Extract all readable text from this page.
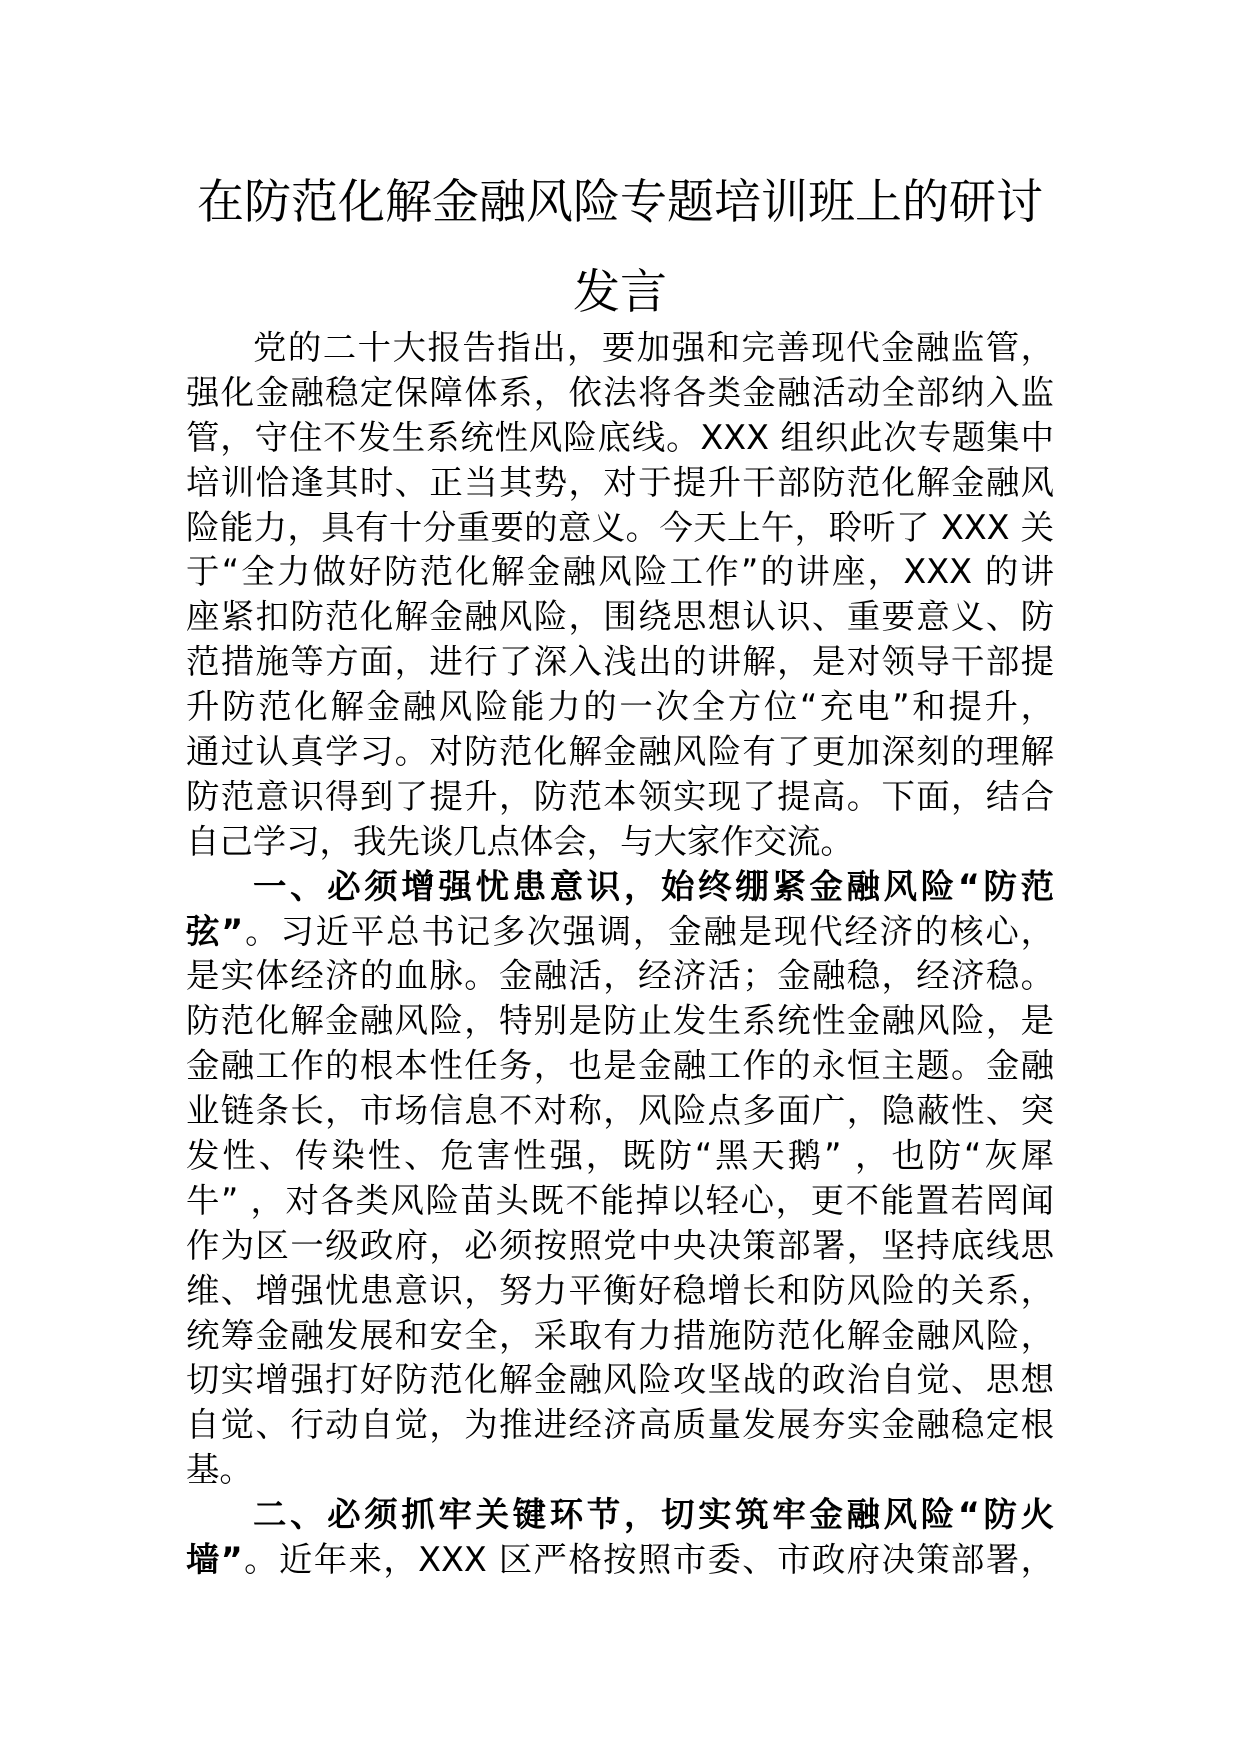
在防范化解金融风险专题培训班上的研讨
发言
党的二十大报告指出，要加强和完善现代金融监管，
强化金融稳定保障体系，依法将各类金融活动全部纳入监
管，守住不发生系统性风险底线。XXX 组织此次专题集中
培训恰逢其时、正当其势，对于提升干部防范化解金融风
险能力，具有十分重要的意义。今天上午，聆听了 XXX 关
于“全力做好防范化解金融风险工作”的讲座，XXX 的讲
座紧扣防范化解金融风险，围绕思想认识、重要意义、防
范措施等方面，进行了深入浅出的讲解，是对领导干部提
升防范化解金融风险能力的一次全方位“充电”和提升，
通过认真学习。对防范化解金融风险有了更加深刻的理解
防范意识得到了提升，防范本领实现了提高。下面，结合
自己学习，我先谈几点体会，与大家作交流。
一、必须增强忧患意识，始终绷紧金融风险“防范
弦”。习近平总书记多次强调，金融是现代经济的核心，
是实体经济的血脉。金融活，经济活；金融稳，经济稳。
防范化解金融风险，特别是防止发生系统性金融风险，是
金融工作的根本性任务，也是金融工作的永恒主题。金融
业链条长，市场信息不对称，风险点多面广，隐蔽性、突
发性、传染性、危害性强，既防“黑天鹅” ，也防“灰犀
牛” ，对各类风险苗头既不能掉以轻心，更不能置若罔闻
作为区一级政府，必须按照党中央决策部署，坚持底线思
维、增强忧患意识，努力平衡好稳增长和防风险的关系，
统筹金融发展和安全，采取有力措施防范化解金融风险，
切实增强打好防范化解金融风险攻坚战的政治自觉、思想
自觉、行动自觉，为推进经济高质量发展夯实金融稳定根
基。
二、必须抓牢关键环节，切实筑牢金融风险“防火
墙”。近年来，XXX 区严格按照市委、市政府决策部署，
